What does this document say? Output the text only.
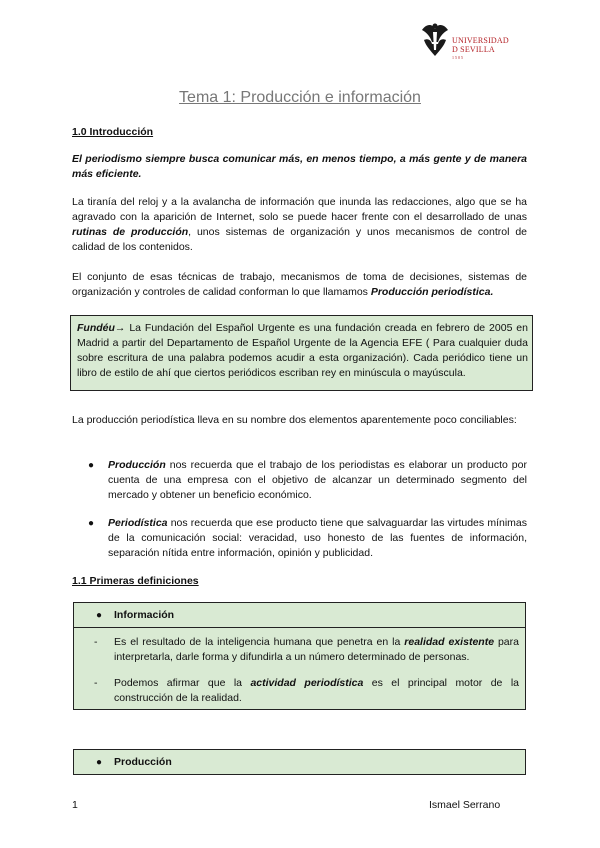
UNIVERSIDAD
D SEVILLA
1505
Tema 1: Producción e información
1.0 Introducción
El periodismo siempre busca comunicar más, en menos tiempo, a más gente y de manera más eficiente.
La tiranía del reloj y a la avalancha de información que inunda las redacciones, algo que se ha agravado con la aparición de Internet, solo se puede hacer frente con el desarrollado de unas rutinas de producción, unos sistemas de organización y unos mecanismos de control de calidad de los contenidos.
El conjunto de esas técnicas de trabajo, mecanismos de toma de decisiones, sistemas de organización y controles de calidad conforman lo que llamamos Producción periodística.
Fundéu→ La Fundación del Español Urgente es una fundación creada en febrero de 2005 en Madrid a partir del Departamento de Español Urgente de la Agencia EFE ( Para cualquier duda sobre escritura de una palabra podemos acudir a esta organización). Cada periódico tiene un libro de estilo de ahí que ciertos periódicos escriban rey en minúscula o mayúscula.
La producción periodística lleva en su nombre dos elementos aparentemente poco conciliables:
●	Producción nos recuerda que el trabajo de los periodistas es elaborar un producto por cuenta de una empresa con el objetivo de alcanzar un determinado segmento del mercado y obtener un beneficio económico.
●	Periodística nos recuerda que ese producto tiene que salvaguardar las virtudes mínimas de la comunicación social: veracidad, uso honesto de las fuentes de información, separación nítida entre información, opinión y publicidad.
1.1 Primeras definiciones
● Información
- Es el resultado de la inteligencia humana que penetra en la realidad existente para interpretarla, darle forma y difundirla a un número determinado de personas.
- Podemos afirmar que la actividad periodística es el principal motor de la construcción de la realidad.
● Producción
1	Ismael Serrano
